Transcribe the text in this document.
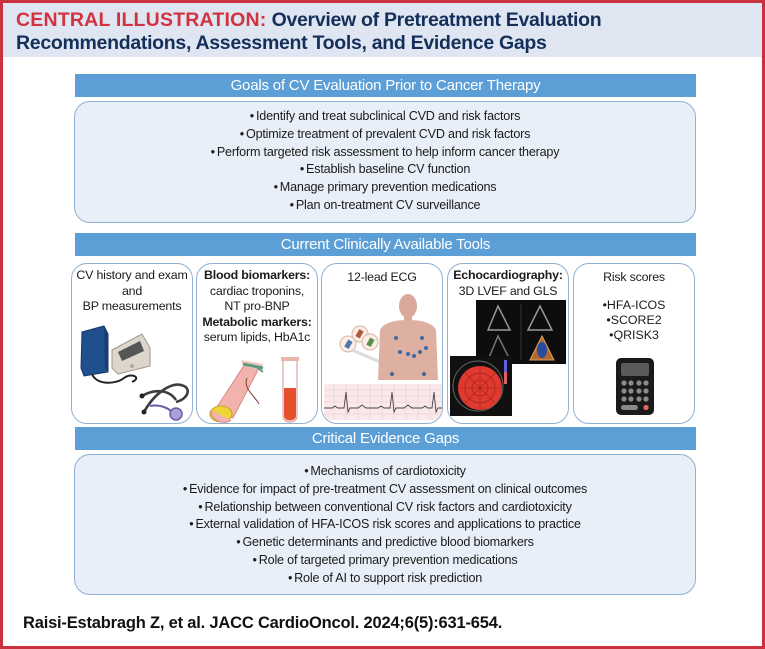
CENTRAL ILLUSTRATION: Overview of Pretreatment Evaluation
Recommendations, Assessment Tools, and Evidence Gaps
Goals of CV Evaluation Prior to Cancer Therapy
• Identify and treat subclinical CVD and risk factors
• Optimize treatment of prevalent CVD and risk factors
• Perform targeted risk assessment to help inform cancer therapy
• Establish baseline CV function
• Manage primary prevention medications
• Plan on-treatment CV surveillance
Current Clinically Available Tools
CV history and exam
and
BP measurements
Blood biomarkers:
cardiac troponins,
NT pro-BNP
Metabolic markers:
serum lipids, HbA1c
12-lead ECG	Echocardiography:
3D LVEF and GLS
Risk scores
• HFA-ICOS
• SCORE2
• QRISK3
Critical Evidence Gaps
• Mechanisms of cardiotoxicity
• Evidence for impact of pre-treatment CV assessment on clinical outcomes
• Relationship between conventional CV risk factors and cardiotoxicity
• External validation of HFA-ICOS risk scores and applications to practice
• Genetic determinants and predictive blood biomarkers
• Role of targeted primary prevention medications
• Role of AI to support risk prediction
Raisi-Estabragh Z, et al. JACC CardioOncol. 2024;6(5):631-654.
